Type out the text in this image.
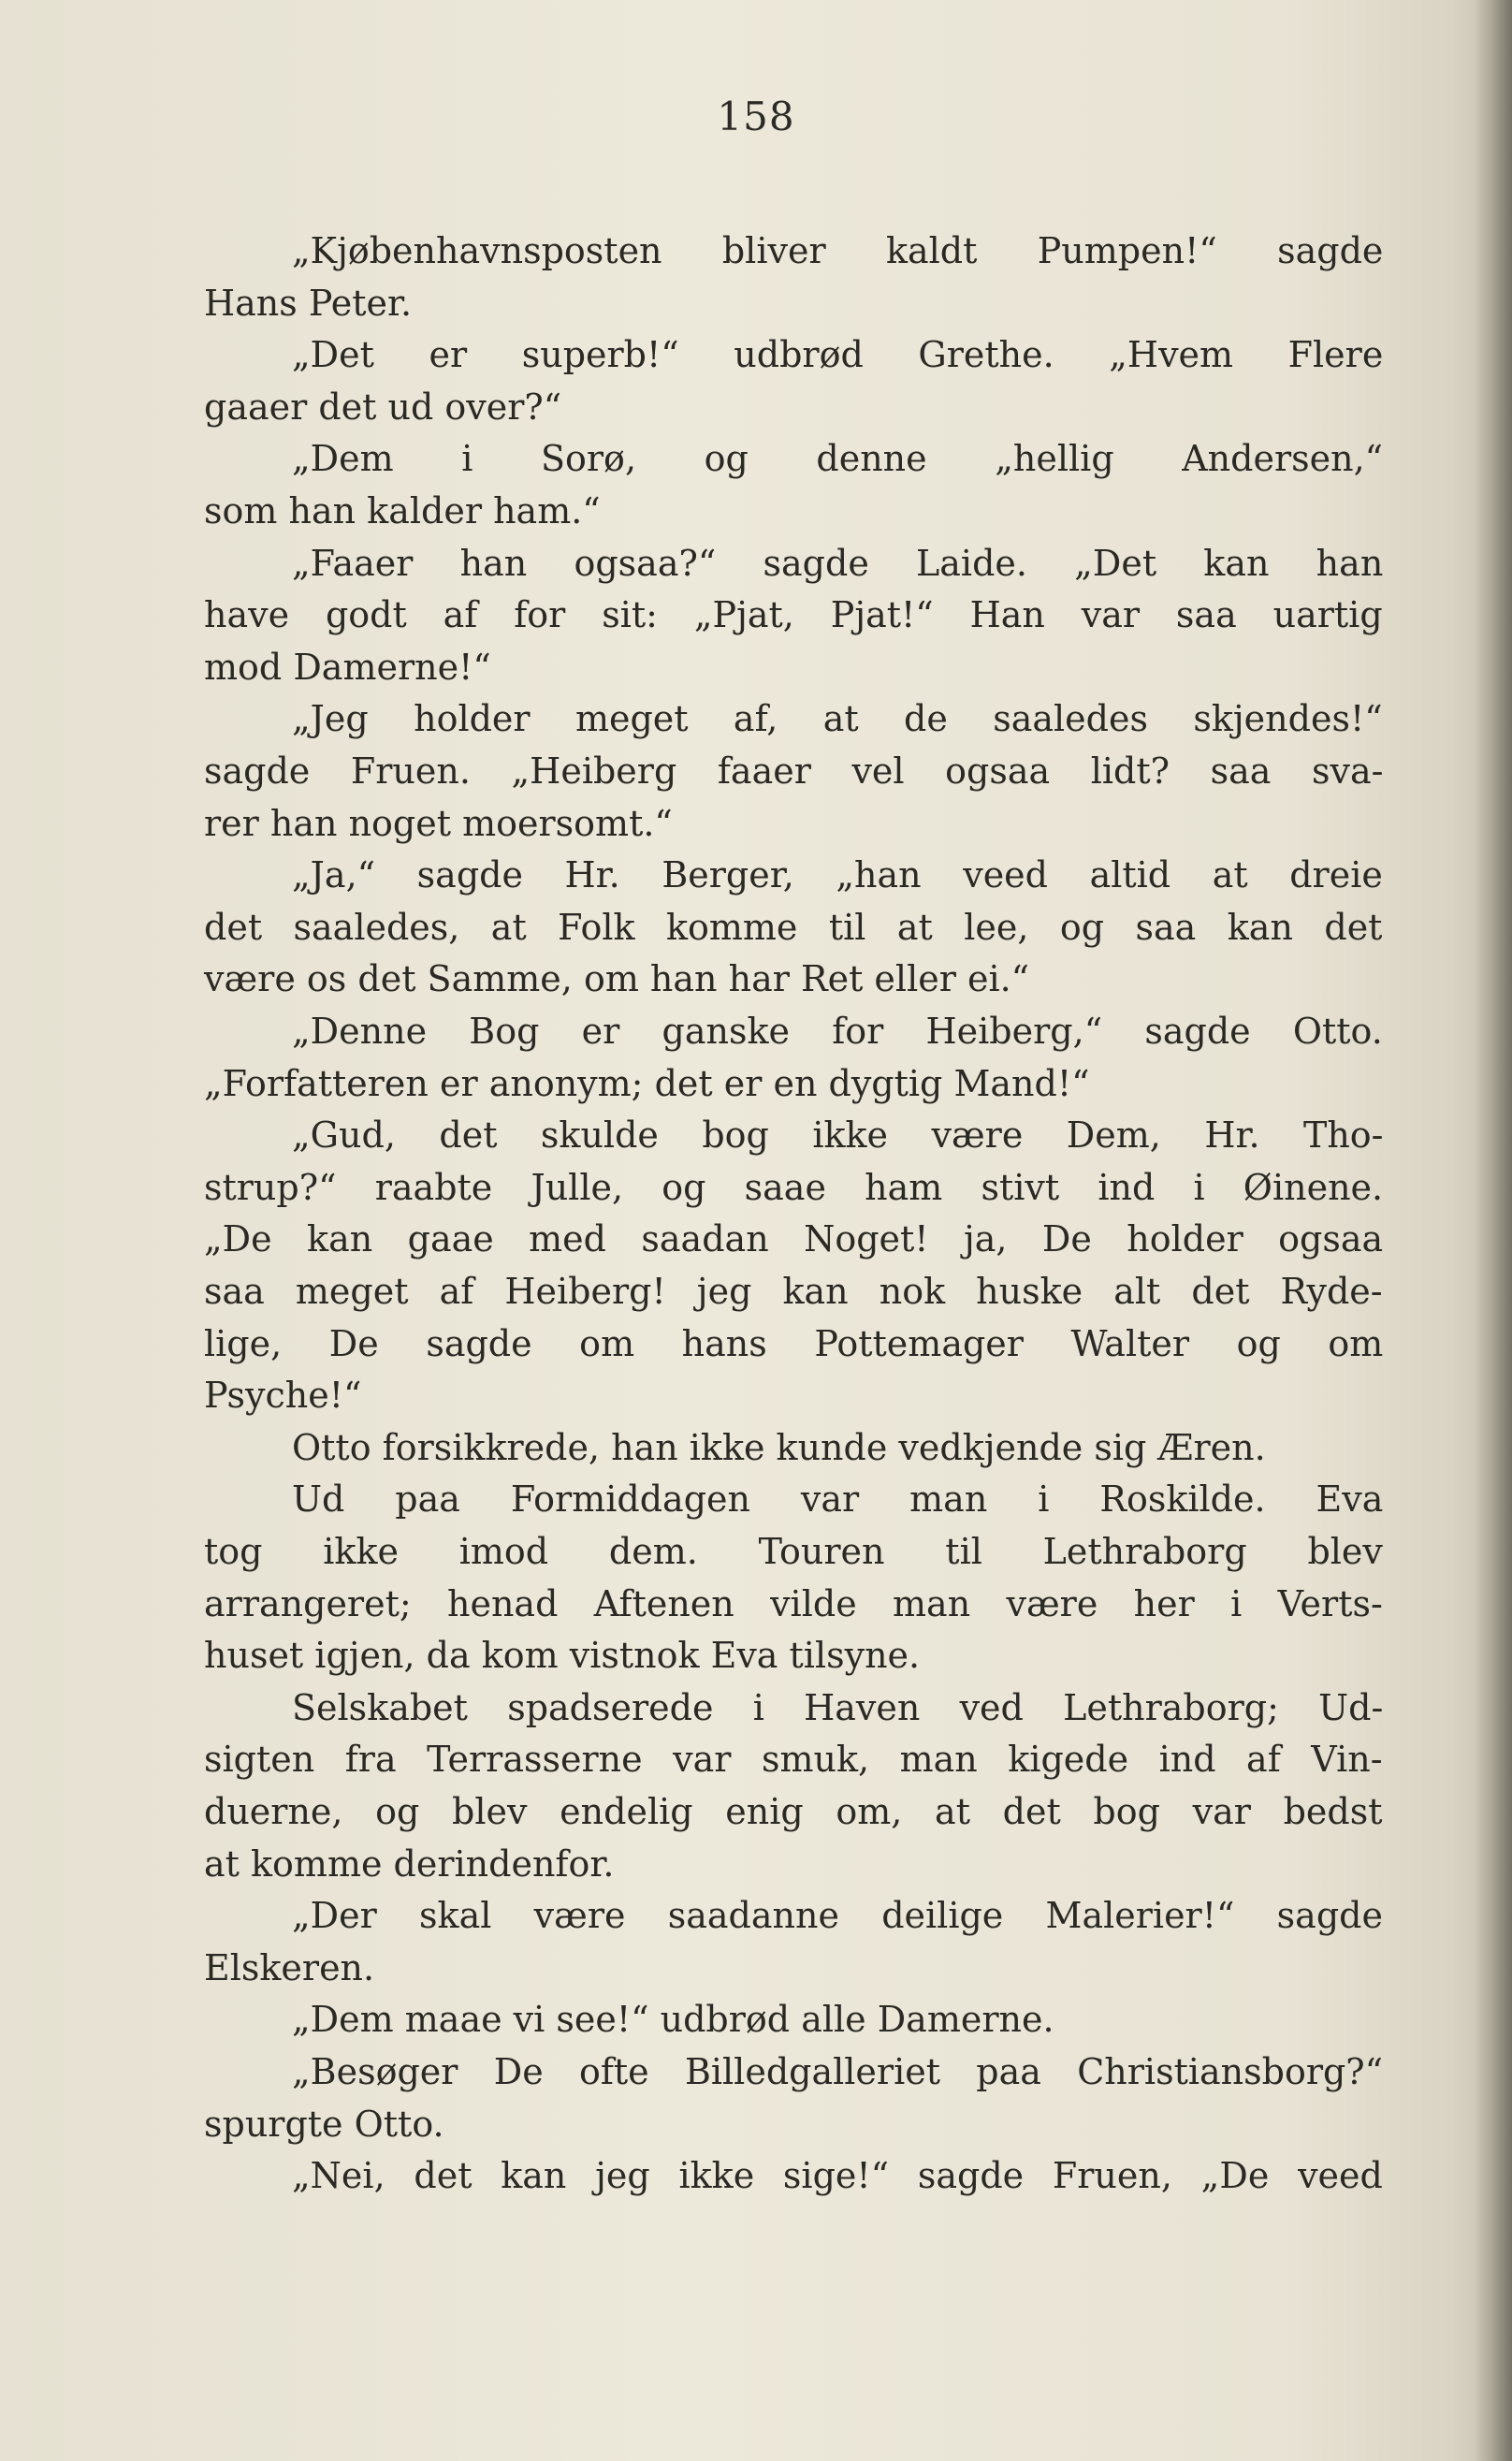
158
„Kjøbenhavnsposten bliver kaldt Pumpen!“ sagde
Hans Peter.
„Det er superb!“ udbrød Grethe. „Hvem Flere
gaaer det ud over?“
„Dem i Sorø, og denne „hellig Andersen,“
som han kalder ham.“
„Faaer han ogsaa?“ sagde Laide. „Det kan han
have godt af for sit: „Pjat, Pjat!“ Han var saa uartig
mod Damerne!“
„Jeg holder meget af, at de saaledes skjendes!“
sagde Fruen. „Heiberg faaer vel ogsaa lidt? saa sva-
rer han noget moersomt.“
„Ja,“ sagde Hr. Berger, „han veed altid at dreie
det saaledes, at Folk komme til at lee, og saa kan det
være os det Samme, om han har Ret eller ei.“
„Denne Bog er ganske for Heiberg,“ sagde Otto.
„Forfatteren er anonym; det er en dygtig Mand!“
„Gud, det skulde bog ikke være Dem, Hr. Tho-
strup?“ raabte Julle, og saae ham stivt ind i Øinene.
„De kan gaae med saadan Noget! ja, De holder ogsaa
saa meget af Heiberg! jeg kan nok huske alt det Ryde-
lige, De sagde om hans Pottemager Walter og om
Psyche!“
Otto forsikkrede, han ikke kunde vedkjende sig Æren.
Ud paa Formiddagen var man i Roskilde. Eva
tog ikke imod dem. Touren til Lethraborg blev
arrangeret; henad Aftenen vilde man være her i Verts-
huset igjen, da kom vistnok Eva tilsyne.
Selskabet spadserede i Haven ved Lethraborg; Ud-
sigten fra Terrasserne var smuk, man kigede ind af Vin-
duerne, og blev endelig enig om, at det bog var bedst
at komme derindenfor.
„Der skal være saadanne deilige Malerier!“ sagde
Elskeren.
„Dem maae vi see!“ udbrød alle Damerne.
„Besøger De ofte Billedgalleriet paa Christiansborg?“
spurgte Otto.
„Nei, det kan jeg ikke sige!“ sagde Fruen, „De veed
